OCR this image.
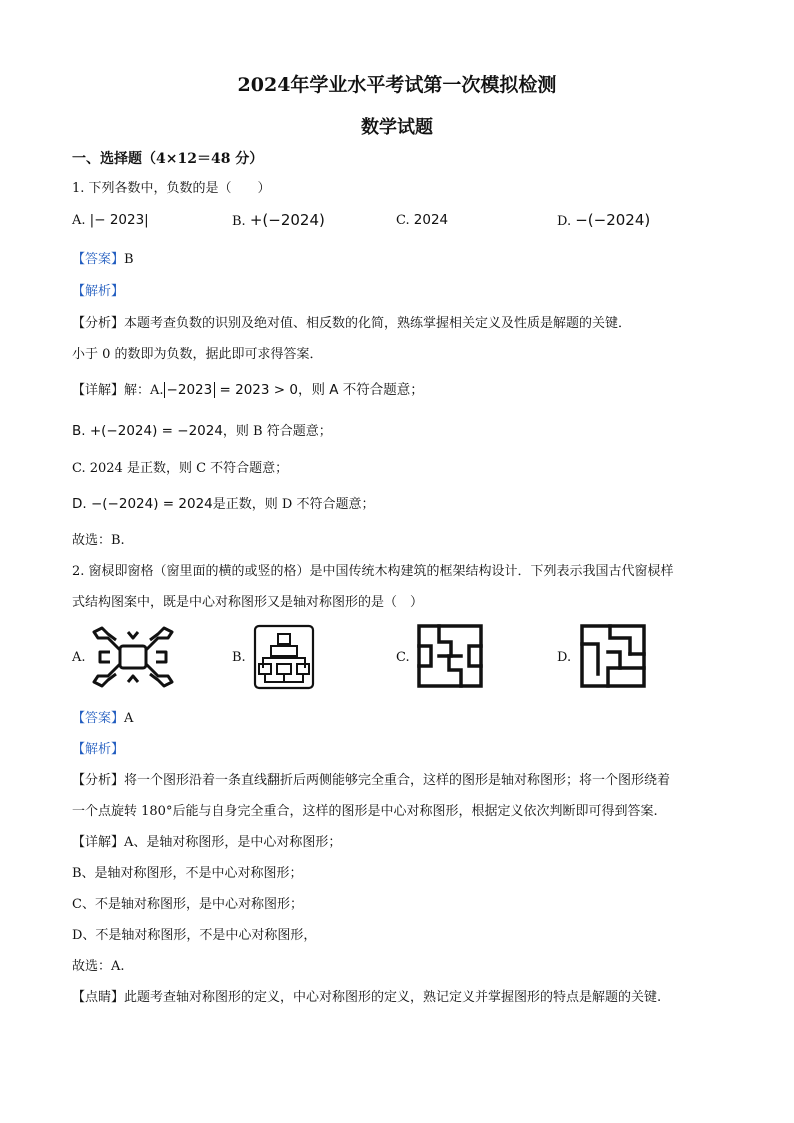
2024年学业水平考试第一次模拟检测
数学试题
一、选择题（4×12＝48 分）
1. 下列各数中，负数的是（　　）
A. |− 2023|	B. +(−2024)	C. 2024	D. −(−2024)
【答案】B
【解析】
【分析】本题考查负数的识别及绝对值、相反数的化简，熟练掌握相关定义及性质是解题的关键．
小于 0 的数即为负数，据此即可求得答案．
【详解】解：A. −2023 = 2023 > 0，则 A 不符合题意；
B. +(−2024) = −2024，则 B 符合题意；
C. 2024 是正数，则 C 不符合题意；
D. −(−2024) = 2024是正数，则 D 不符合题意；
故选：B.
2. 窗棂即窗格（窗里面的横的或竖的格）是中国传统木构建筑的框架结构设计．下列表示我国古代窗棂样
式结构图案中，既是中心对称图形又是轴对称图形的是（　）
A.	B.	C.	D.
【答案】A
【解析】
【分析】将一个图形沿着一条直线翻折后两侧能够完全重合，这样的图形是轴对称图形；将一个图形绕着
一个点旋转 180°后能与自身完全重合，这样的图形是中心对称图形，根据定义依次判断即可得到答案.
【详解】A、是轴对称图形，是中心对称图形；
B、是轴对称图形，不是中心对称图形；
C、不是轴对称图形，是中心对称图形；
D、不是轴对称图形，不是中心对称图形，
故选：A.
【点睛】此题考查轴对称图形的定义，中心对称图形的定义，熟记定义并掌握图形的特点是解题的关键.
